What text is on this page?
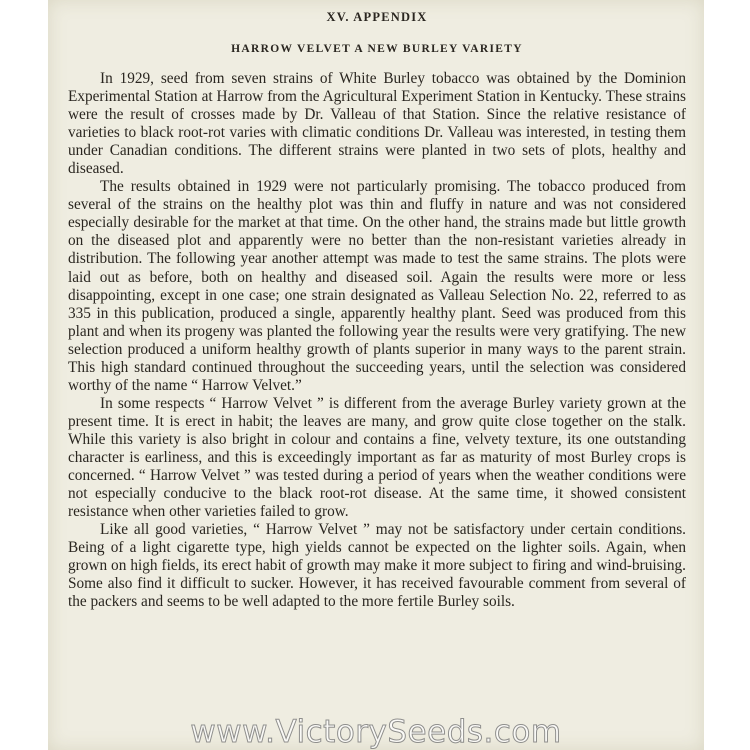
XV. APPENDIX
HARROW VELVET A NEW BURLEY VARIETY

In 1929, seed from seven strains of White Burley tobacco was obtained by the Dominion Experimental Station at Harrow from the Agricultural Experiment Station in Kentucky. These strains were the result of crosses made by Dr. Valleau of that Station. Since the relative resistance of varieties to black root-rot varies with climatic conditions Dr. Valleau was interested, in testing them under Canadian conditions. The different strains were planted in two sets of plots, healthy and diseased.

The results obtained in 1929 were not particularly promising. The tobacco produced from several of the strains on the healthy plot was thin and fluffy in nature and was not considered especially desirable for the market at that time. On the other hand, the strains made but little growth on the diseased plot and apparently were no better than the non-resistant varieties already in distribution. The following year another attempt was made to test the same strains. The plots were laid out as before, both on healthy and diseased soil. Again the results were more or less disappointing, except in one case; one strain designated as Valleau Selection No. 22, referred to as 335 in this publication, produced a single, apparently healthy plant. Seed was produced from this plant and when its progeny was planted the following year the results were very gratifying. The new selection produced a uniform healthy growth of plants superior in many ways to the parent strain. This high standard continued throughout the succeeding years, until the selection was considered worthy of the name “ Harrow Velvet.”

In some respects “ Harrow Velvet ” is different from the average Burley variety grown at the present time. It is erect in habit; the leaves are many, and grow quite close together on the stalk. While this variety is also bright in colour and contains a fine, velvety texture, its one outstanding character is earliness, and this is exceedingly important as far as maturity of most Burley crops is concerned. “ Harrow Velvet ” was tested during a period of years when the weather conditions were not especially conducive to the black root-rot disease. At the same time, it showed consistent resistance when other varieties failed to grow.

Like all good varieties, “ Harrow Velvet ” may not be satisfactory under certain conditions. Being of a light cigarette type, high yields cannot be expected on the lighter soils. Again, when grown on high fields, its erect habit of growth may make it more subject to firing and wind-bruising. Some also find it difficult to sucker. However, it has received favourable comment from several of the packers and seems to be well adapted to the more fertile Burley soils.

www.VictorySeeds.com
